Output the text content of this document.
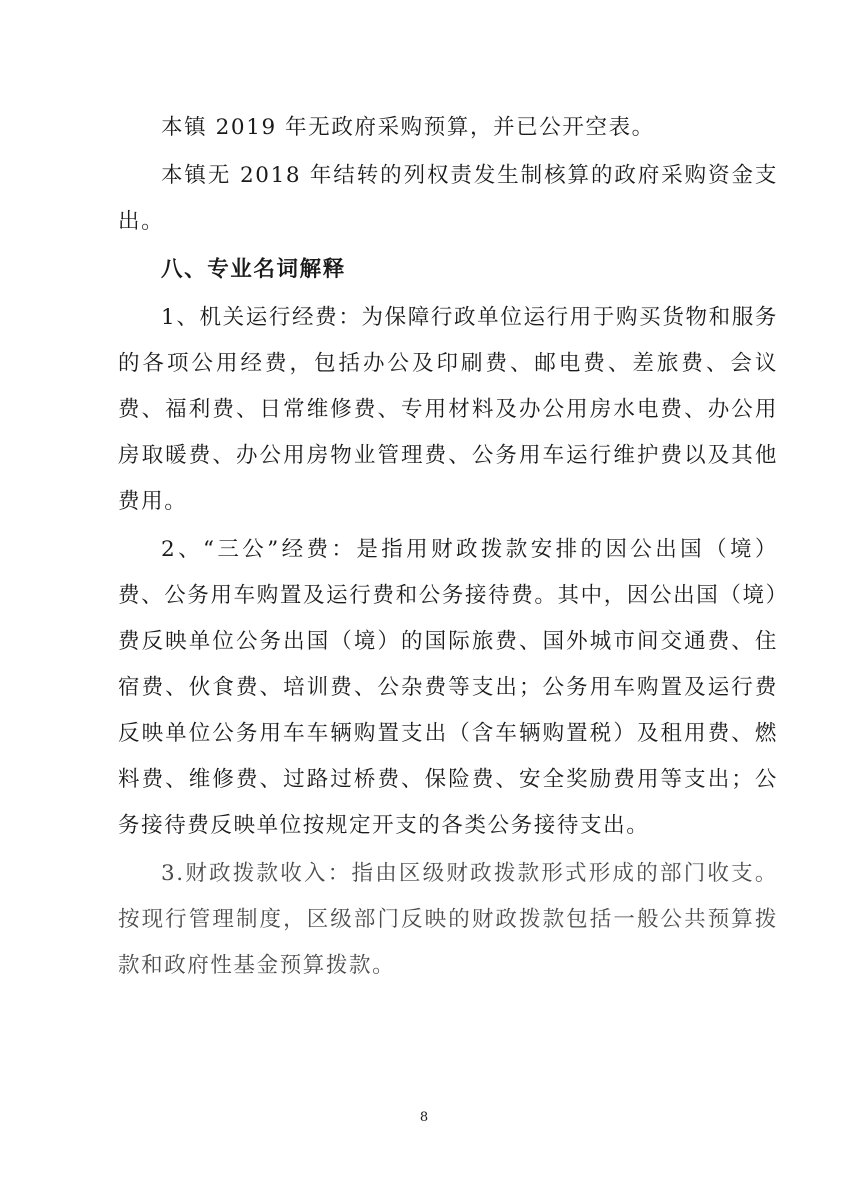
本镇 2019 年无政府采购预算，并已公开空表。

本镇无 2018 年结转的列权责发生制核算的政府采购资金支出。

八、专业名词解释

1、机关运行经费：为保障行政单位运行用于购买货物和服务的各项公用经费，包括办公及印刷费、邮电费、差旅费、会议费、福利费、日常维修费、专用材料及办公用房水电费、办公用房取暖费、办公用房物业管理费、公务用车运行维护费以及其他费用。

2、“三公”经费：是指用财政拨款安排的因公出国（境）费、公务用车购置及运行费和公务接待费。其中，因公出国（境）费反映单位公务出国（境）的国际旅费、国外城市间交通费、住宿费、伙食费、培训费、公杂费等支出；公务用车购置及运行费反映单位公务用车车辆购置支出（含车辆购置税）及租用费、燃料费、维修费、过路过桥费、保险费、安全奖励费用等支出；公务接待费反映单位按规定开支的各类公务接待支出。

3.财政拨款收入：指由区级财政拨款形式形成的部门收支。按现行管理制度，区级部门反映的财政拨款包括一般公共预算拨款和政府性基金预算拨款。

8
